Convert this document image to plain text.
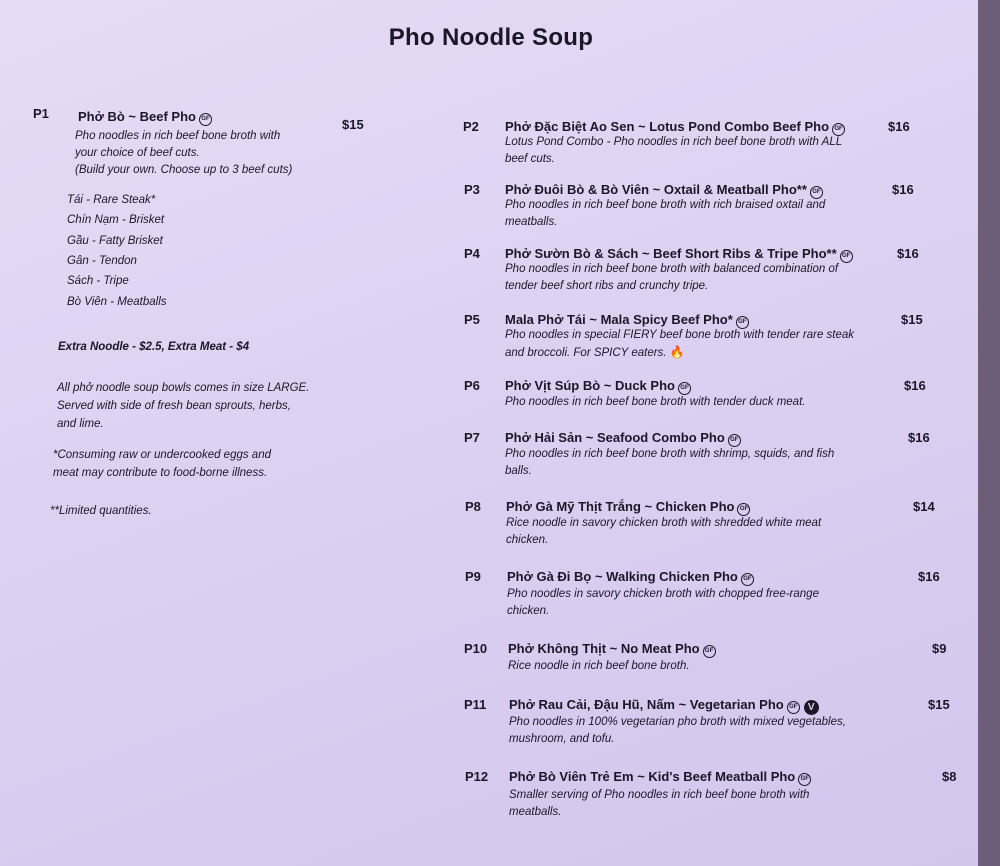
Pho Noodle Soup
P1 Phở Bò ~ Beef Pho GF	$15
Pho noodles in rich beef bone broth with
your choice of beef cuts.
(Build your own. Choose up to 3 beef cuts)
Tái - Rare Steak*
Chín Nạm - Brisket
Gầu - Fatty Brisket
Gân - Tendon
Sách - Tripe
Bò Viên - Meatballs
Extra Noodle - $2.5, Extra Meat - $4
All phở noodle soup bowls comes in size LARGE.
Served with side of fresh bean sprouts, herbs,
and lime.
*Consuming raw or undercooked eggs and
meat may contribute to food-borne illness.
**Limited quantities.
P2 Phở Đặc Biệt Ao Sen ~ Lotus Pond Combo Beef Pho GF	$16
Lotus Pond Combo - Pho noodles in rich beef bone broth with ALL
beef cuts.
P3 Phở Đuôi Bò & Bò Viên ~ Oxtail & Meatball Pho** GF	$16
Pho noodles in rich beef bone broth with rich braised oxtail and
meatballs.
P4 Phở Sườn Bò & Sách ~ Beef Short Ribs & Tripe Pho** GF	$16
Pho noodles in rich beef bone broth with balanced combination of
tender beef short ribs and crunchy tripe.
P5 Mala Phở Tái ~ Mala Spicy Beef Pho* GF	$15
Pho noodles in special FIERY beef bone broth with tender rare steak
and broccoli. For SPICY eaters. 🔥
P6 Phở Vịt Súp Bò ~ Duck Pho GF	$16
Pho noodles in rich beef bone broth with tender duck meat.
P7 Phở Hải Sản ~ Seafood Combo Pho GF	$16
Pho noodles in rich beef bone broth with shrimp, squids, and fish
balls.
P8 Phở Gà Mỹ Thịt Trắng ~ Chicken Pho GF	$14
Rice noodle in savory chicken broth with shredded white meat
chicken.
P9 Phở Gà Đi Bọ ~ Walking Chicken Pho GF	$16
Pho noodles in savory chicken broth with chopped free-range
chicken.
P10 Phở Không Thịt ~ No Meat Pho GF	$9
Rice noodle in rich beef bone broth.
P11 Phở Rau Cải, Đậu Hũ, Nấm ~ Vegetarian Pho GF V	$15
Pho noodles in 100% vegetarian pho broth with mixed vegetables,
mushroom, and tofu.
P12 Phở Bò Viên Trẻ Em ~ Kid's Beef Meatball Pho GF	$8
Smaller serving of Pho noodles in rich beef bone broth with
meatballs.
